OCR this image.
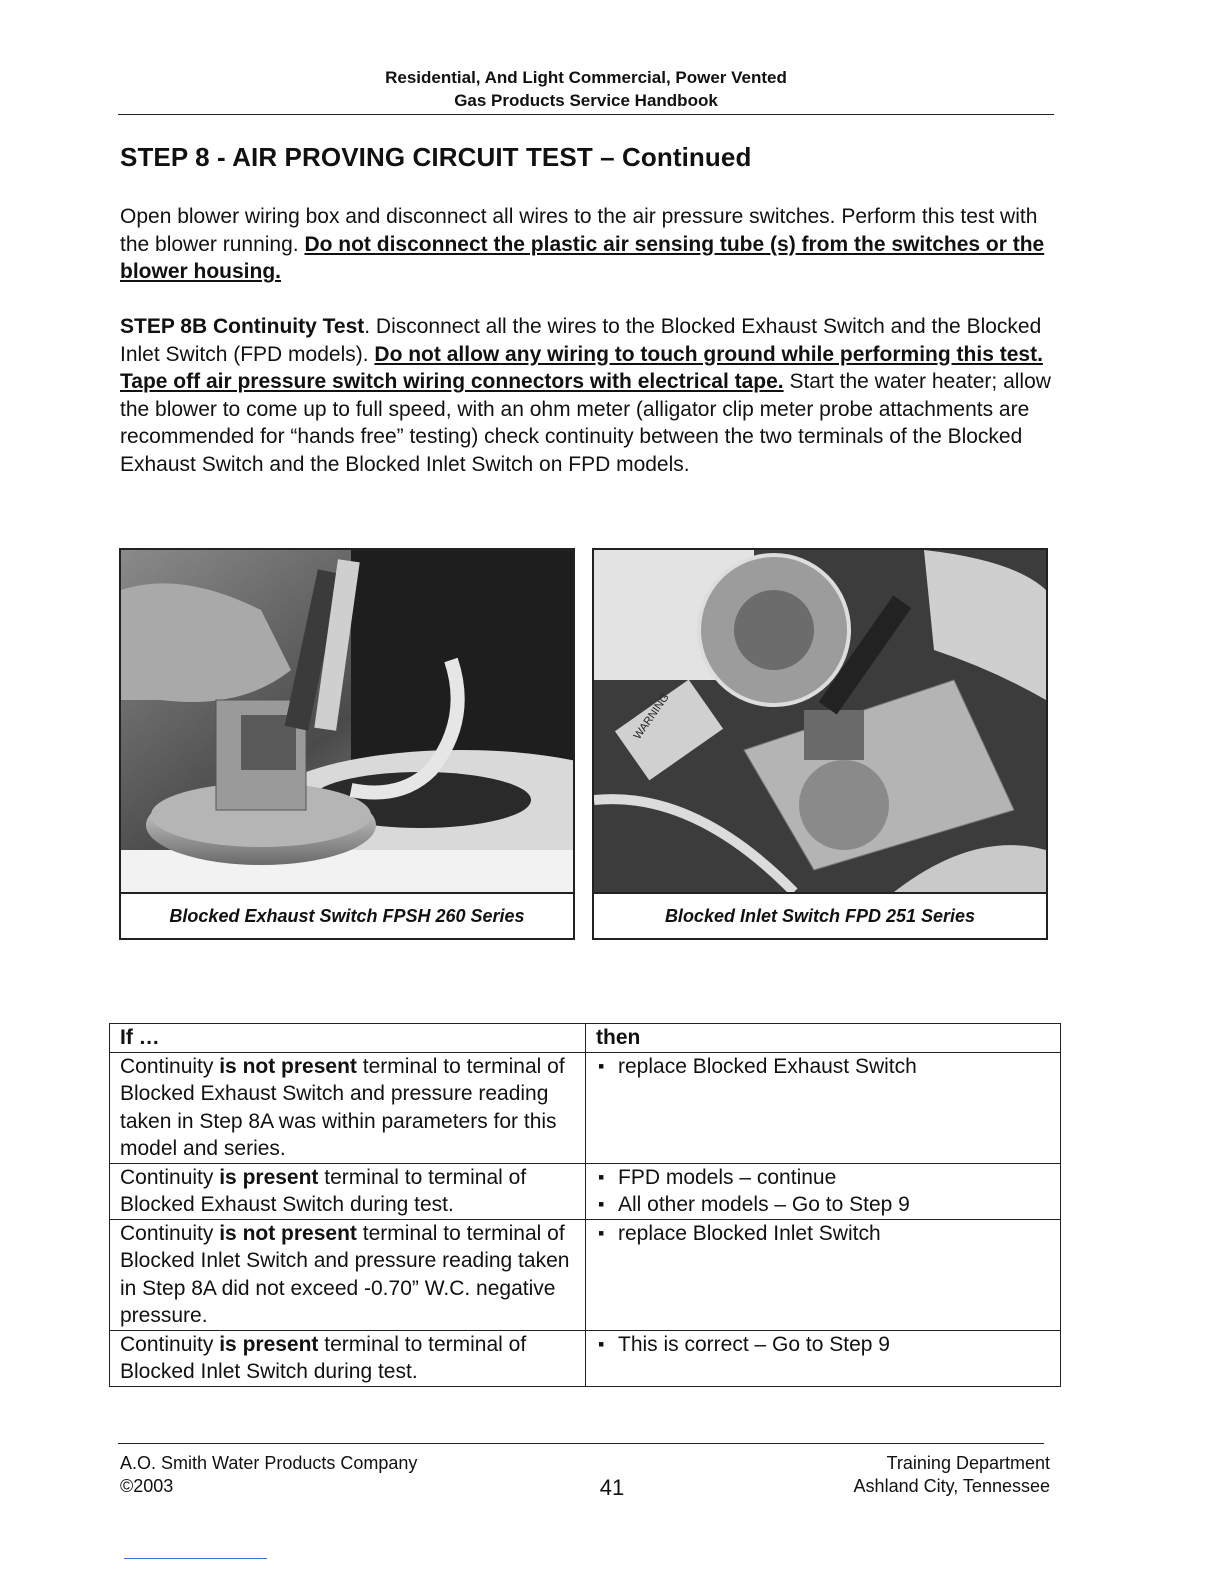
Residential, And Light Commercial, Power Vented
Gas Products Service Handbook
STEP 8 - AIR PROVING CIRCUIT TEST – Continued
Open blower wiring box and disconnect all wires to the air pressure switches. Perform this test with the blower running. Do not disconnect the plastic air sensing tube (s) from the switches or the blower housing.
STEP 8B Continuity Test. Disconnect all the wires to the Blocked Exhaust Switch and the Blocked Inlet Switch (FPD models). Do not allow any wiring to touch ground while performing this test. Tape off air pressure switch wiring connectors with electrical tape. Start the water heater; allow the blower to come up to full speed, with an ohm meter (alligator clip meter probe attachments are recommended for “hands free” testing) check continuity between the two terminals of the Blocked Exhaust Switch and the Blocked Inlet Switch on FPD models.
Blocked Exhaust Switch FPSH 260 Series
WARNING
Blocked Inlet Switch FPD 251 Series
If …	then
Continuity is not present terminal to terminal of Blocked Exhaust Switch and pressure reading taken in Step 8A was within parameters for this model and series.	▪ replace Blocked Exhaust Switch

Continuity is present terminal to terminal of Blocked Exhaust Switch during test.	▪ FPD models – continue
▪ All other models – Go to Step 9

Continuity is not present terminal to terminal of Blocked Inlet Switch and pressure reading taken in Step 8A did not exceed -0.70” W.C. negative pressure.	▪ replace Blocked Inlet Switch

Continuity is present terminal to terminal of Blocked Inlet Switch during test.	▪ This is correct – Go to Step 9
A.O. Smith Water Products Company
©2003	41
Training Department
Ashland City, Tennessee
